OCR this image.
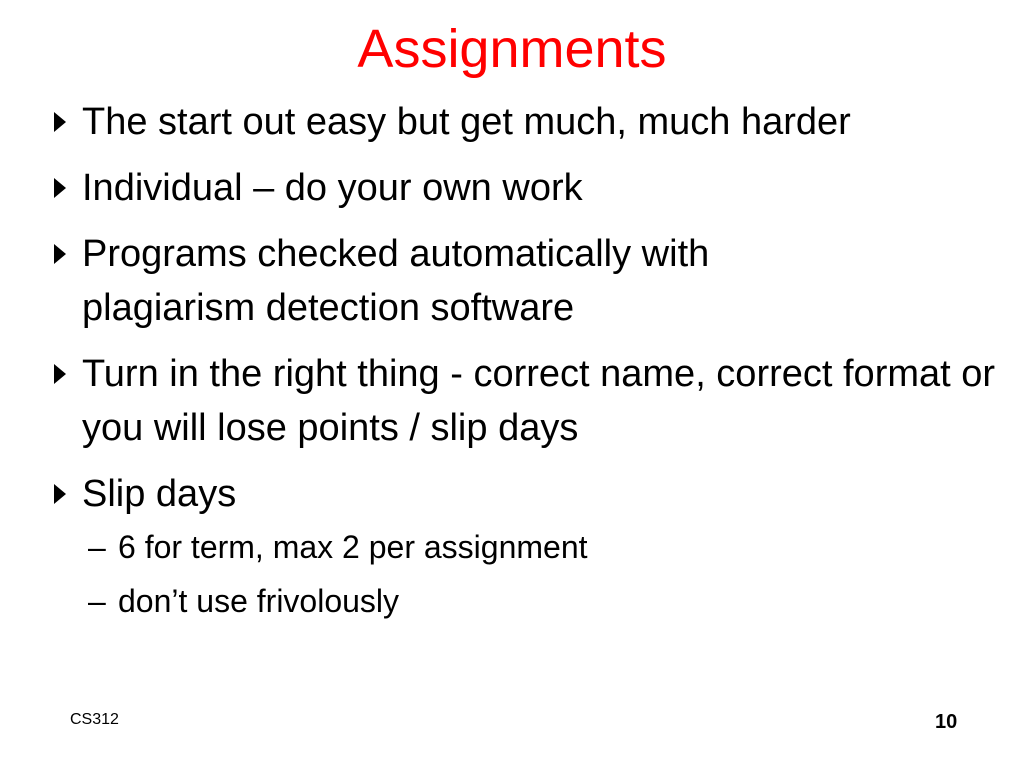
Assignments
The start out easy but get much, much harder
Individual – do your own work
Programs checked automatically with plagiarism detection software
Turn in the right thing - correct name, correct format or you will lose points / slip days
Slip days
– 6 for term, max 2 per assignment
– don’t use frivolously
CS312	10
